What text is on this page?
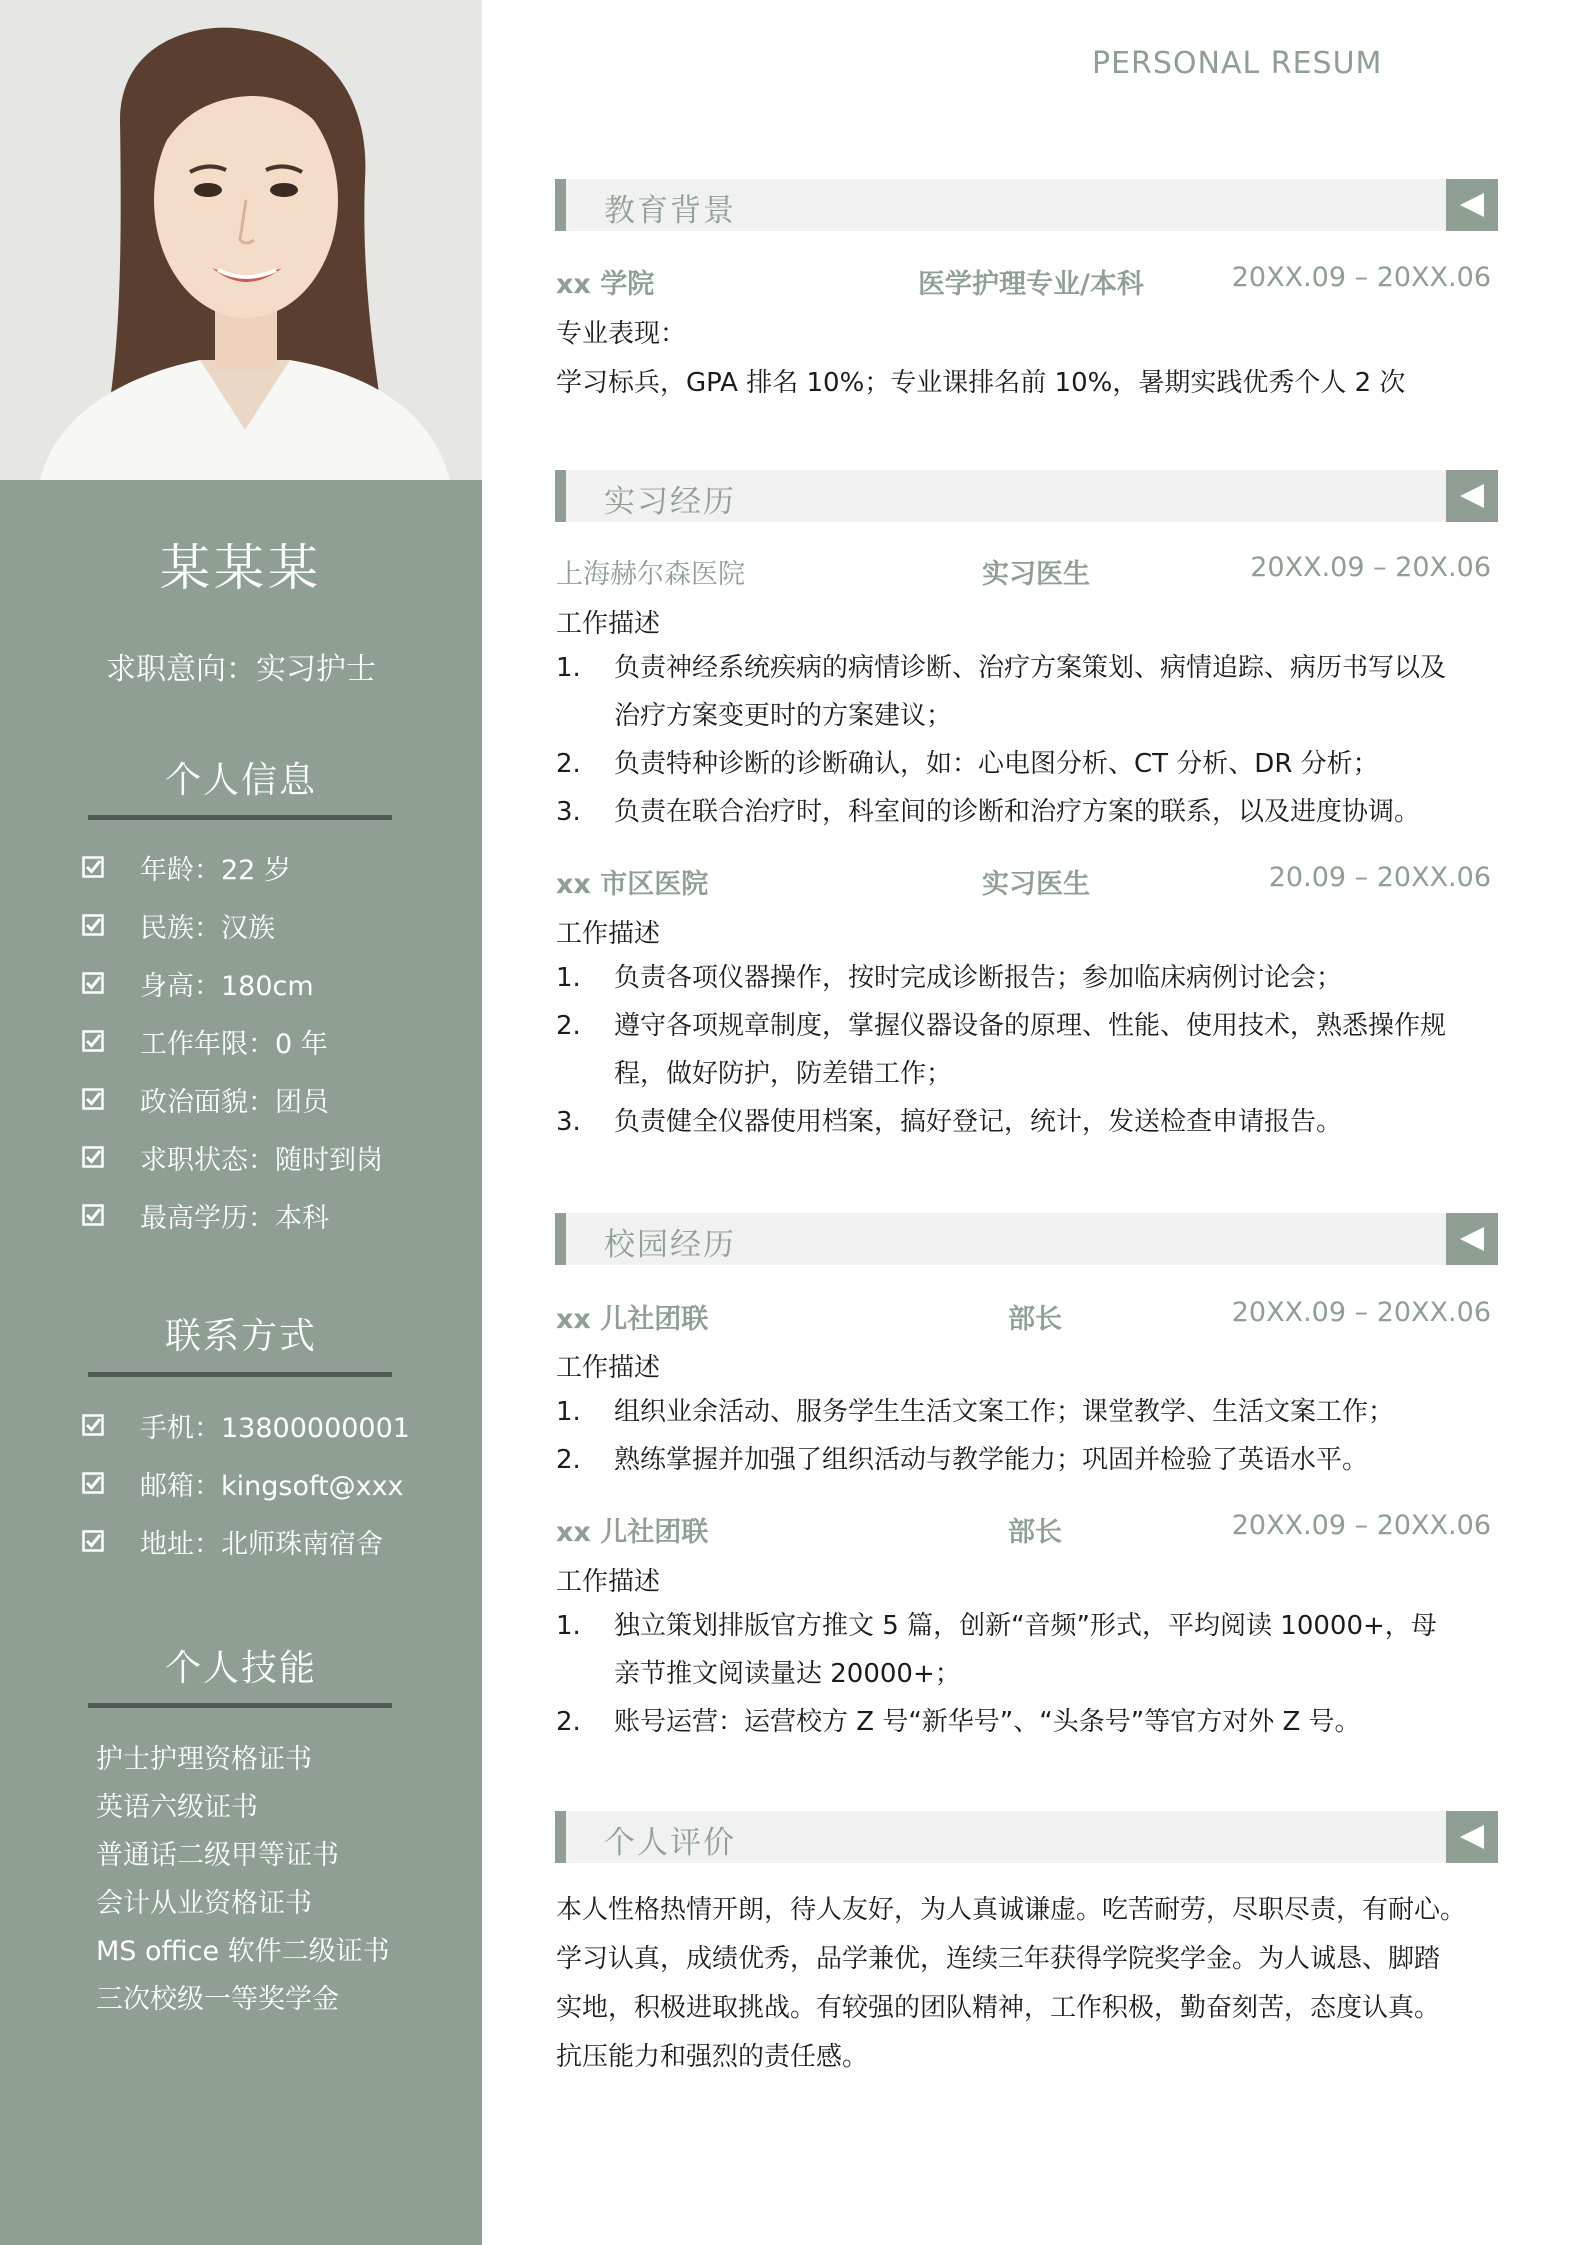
某某某
求职意向：实习护士
个人信息
年龄：22 岁
民族：汉族
身高：180cm
工作年限：0 年
政治面貌：团员
求职状态：随时到岗
最高学历：本科
联系方式
手机：13800000001
邮箱：kingsoft@xxx
地址：北师珠南宿舍
个人技能
护士护理资格证书
英语六级证书
普通话二级甲等证书
会计从业资格证书
MS office 软件二级证书
三次校级一等奖学金
PERSONAL RESUM
教育背景
xx 学院	医学护理专业/本科	20XX.09 – 20XX.06
专业表现：
学习标兵，GPA 排名 10%；专业课排名前 10%，暑期实践优秀个人 2 次
实习经历
上海赫尔森医院	实习医生	20XX.09 – 20X.06
工作描述
1.	负责神经系统疾病的病情诊断、治疗方案策划、病情追踪、病历书写以及
治疗方案变更时的方案建议；
2.	负责特种诊断的诊断确认，如：心电图分析、CT 分析、DR 分析；
3.	负责在联合治疗时，科室间的诊断和治疗方案的联系，以及进度协调。
xx 市区医院	实习医生	20.09 – 20XX.06
工作描述
1.	负责各项仪器操作，按时完成诊断报告；参加临床病例讨论会；
2.	遵守各项规章制度，掌握仪器设备的原理、性能、使用技术，熟悉操作规
程，做好防护，防差错工作；
3.	负责健全仪器使用档案，搞好登记，统计，发送检查申请报告。
校园经历
xx 儿社团联	部长	20XX.09 – 20XX.06
工作描述
1.	组织业余活动、服务学生生活文案工作；课堂教学、生活文案工作；
2.	熟练掌握并加强了组织活动与教学能力；巩固并检验了英语水平。
xx 儿社团联	部长	20XX.09 – 20XX.06
工作描述
1.	独立策划排版官方推文 5 篇，创新“音频”形式，平均阅读 10000+，母
亲节推文阅读量达 20000+；
2.	账号运营：运营校方 Z 号“新华号”、“头条号”等官方对外 Z 号。
个人评价
本人性格热情开朗，待人友好，为人真诚谦虚。吃苦耐劳，尽职尽责，有耐心。
学习认真，成绩优秀，品学兼优，连续三年获得学院奖学金。为人诚恳、脚踏
实地，积极进取挑战。有较强的团队精神，工作积极，勤奋刻苦，态度认真。
抗压能力和强烈的责任感。
